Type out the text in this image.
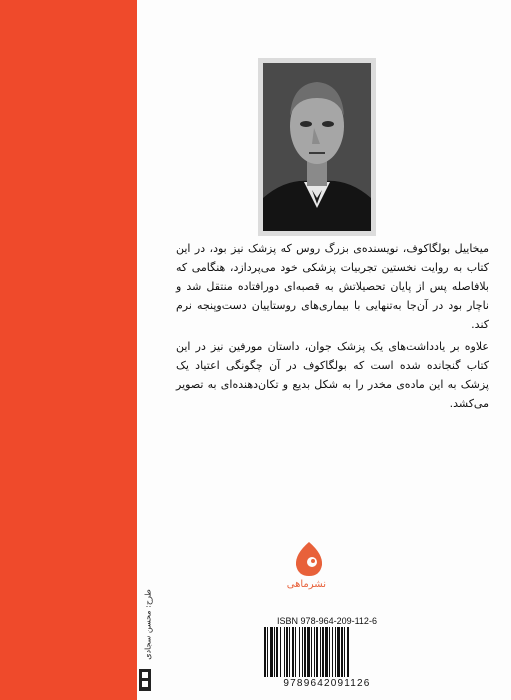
طرح: محسن سجادی

میخاییل بولگاکوف، نویسنده‌ی بزرگ روس که پزشک نیز بود، در این کتاب به روایت نخستین تجربیات پزشکی خود می‌پردازد، هنگامی که بلافاصله پس از پایان تحصیلاتش به قصبه‌ای دورافتاده منتقل شد و ناچار بود در آن‌جا به‌تنهایی با بیماری‌های روستاییان دست‌وپنجه نرم کند.

علاوه بر یادداشت‌های یک پزشک جوان، داستان مورفین نیز در این کتاب گنجانده شده است که بولگاکوف در آن چگونگی اعتیاد یک پزشک به این ماده‌ی مخدر را به شکل بدیع و تکان‌دهنده‌ای به تصویر می‌کشد.

نشرماهی
ISBN 978-964-209-112-6
9789642091126
